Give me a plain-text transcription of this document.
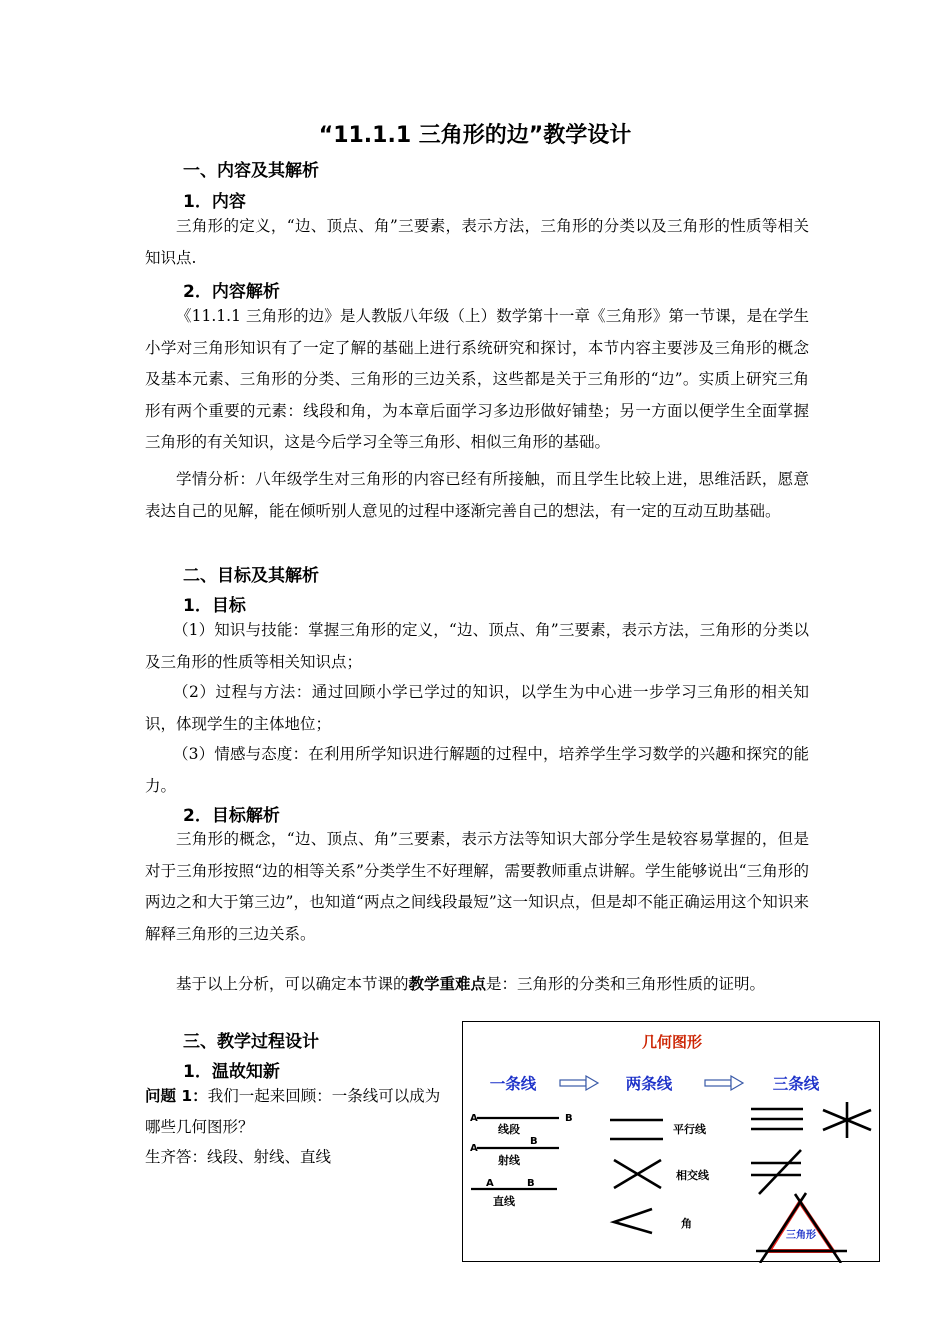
“11.1.1 三角形的边”教学设计
一、内容及其解析
1．内容
三角形的定义，“边、顶点、角”三要素，表示方法，三角形的分类以及三角形的性质等相关知识点.
2．内容解析
《11.1.1 三角形的边》是人教版八年级（上）数学第十一章《三角形》第一节课，是在学生小学对三角形知识有了一定了解的基础上进行系统研究和探讨，本节内容主要涉及三角形的概念及基本元素、三角形的分类、三角形的三边关系，这些都是关于三角形的“边”。实质上研究三角形有两个重要的元素：线段和角，为本章后面学习多边形做好铺垫；另一方面以便学生全面掌握三角形的有关知识，这是今后学习全等三角形、相似三角形的基础。
学情分析：八年级学生对三角形的内容已经有所接触，而且学生比较上进，思维活跃，愿意表达自己的见解，能在倾听别人意见的过程中逐渐完善自己的想法，有一定的互动互助基础。
二、目标及其解析
1．目标
（1）知识与技能：掌握三角形的定义，“边、顶点、角”三要素，表示方法，三角形的分类以及三角形的性质等相关知识点；
（2）过程与方法：通过回顾小学已学过的知识，以学生为中心进一步学习三角形的相关知识，体现学生的主体地位；
（3）情感与态度：在利用所学知识进行解题的过程中，培养学生学习数学的兴趣和探究的能力。
2．目标解析
三角形的概念，“边、顶点、角”三要素，表示方法等知识大部分学生是较容易掌握的，但是对于三角形按照“边的相等关系”分类学生不好理解，需要教师重点讲解。学生能够说出“三角形的两边之和大于第三边”，也知道“两点之间线段最短”这一知识点，但是却不能正确运用这个知识来解释三角形的三边关系。
基于以上分析，可以确定本节课的教学重难点是：三角形的分类和三角形性质的证明。
三、教学过程设计
1．温故知新
问题 1：我们一起来回顾：一条线可以成为哪些几何图形？
生齐答：线段、射线、直线
几何图形
一条线	两条线	三条线
A	B
线段
A
B
射线
A	B
直线
平行线
相交线
角
三角形
